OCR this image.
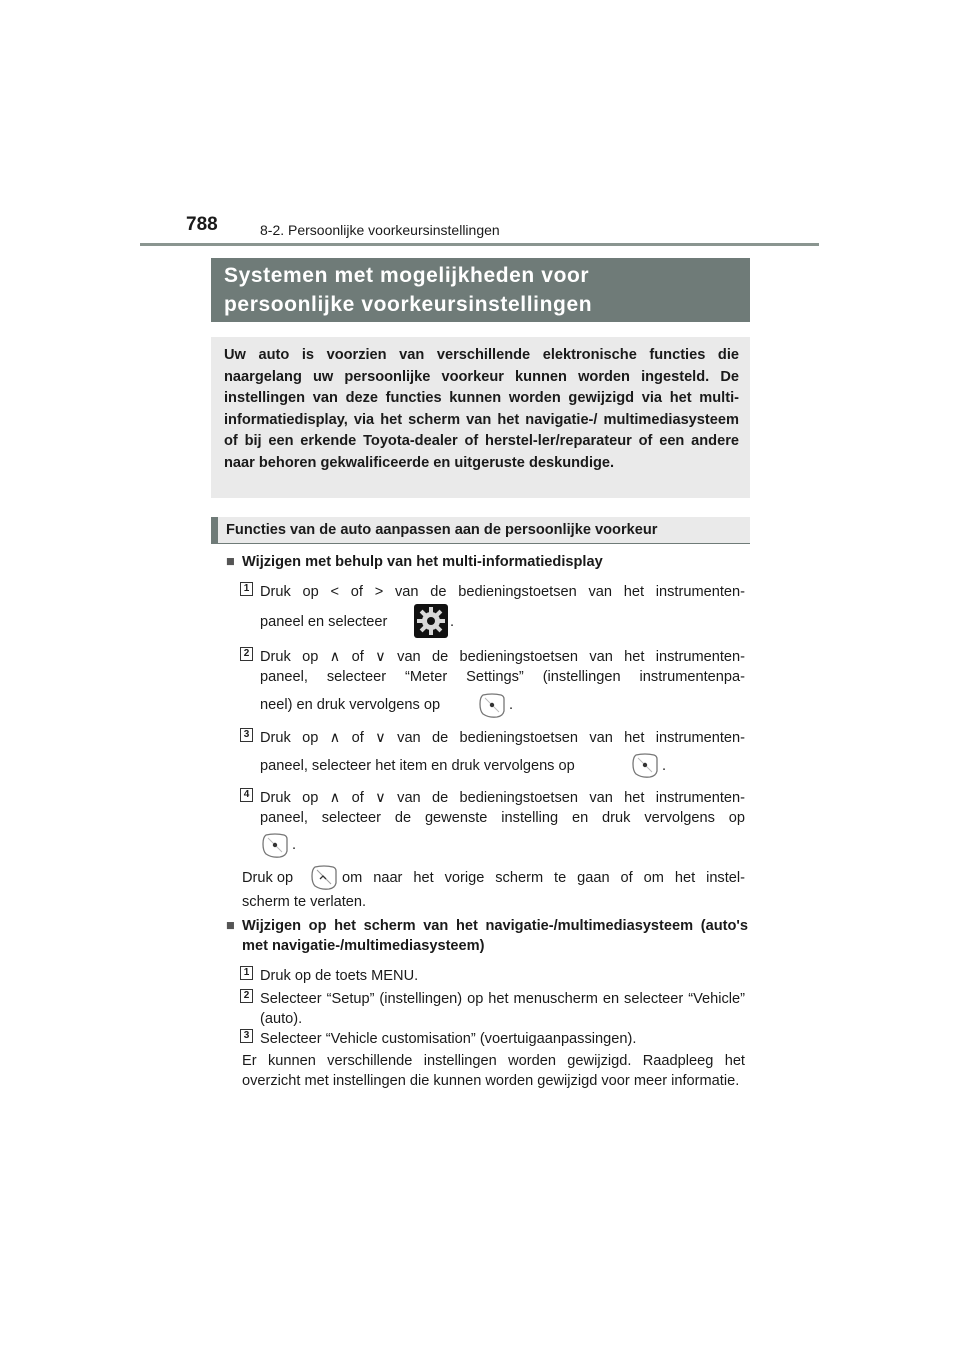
788	8-2. Persoonlijke voorkeursinstellingen
Systemen met mogelijkheden voor
persoonlijke voorkeursinstellingen
Uw auto is voorzien van verschillende elektronische functies die naargelang uw persoonlijke voorkeur kunnen worden ingesteld. De instellingen van deze functies kunnen worden gewijzigd via het multi-informatiedisplay, via het scherm van het navigatie-/ multimediasysteem of bij een erkende Toyota-dealer of herstel-ler/reparateur of een andere naar behoren gekwalificeerde en uitgeruste deskundige.
Functies van de auto aanpassen aan de persoonlijke voorkeur
■ Wijzigen met behulp van het multi-informatiedisplay
1 Druk op < of > van de bedieningstoetsen van het instrumenten-
paneel en selecteer	.
2 Druk op ∧ of ∨ van de bedieningstoetsen van het instrumenten-
paneel, selecteer “Meter Settings” (instellingen instrumentenpa-
neel) en druk vervolgens op	.
3 Druk op ∧ of ∨ van de bedieningstoetsen van het instrumenten-
paneel, selecteer het item en druk vervolgens op	.
4 Druk op ∧ of ∨ van de bedieningstoetsen van het instrumenten-
paneel, selecteer de gewenste instelling en druk vervolgens op
.
Druk op	om naar het vorige scherm te gaan of om het instel-
scherm te verlaten.
■ Wijzigen op het scherm van het navigatie-/multimediasysteem (auto's met navigatie-/multimediasysteem)
1 Druk op de toets MENU.
2 Selecteer “Setup” (instellingen) op het menuscherm en selecteer “Vehicle” (auto).
3 Selecteer “Vehicle customisation” (voertuigaanpassingen).
Er kunnen verschillende instellingen worden gewijzigd. Raadpleeg het overzicht met instellingen die kunnen worden gewijzigd voor meer informatie.
